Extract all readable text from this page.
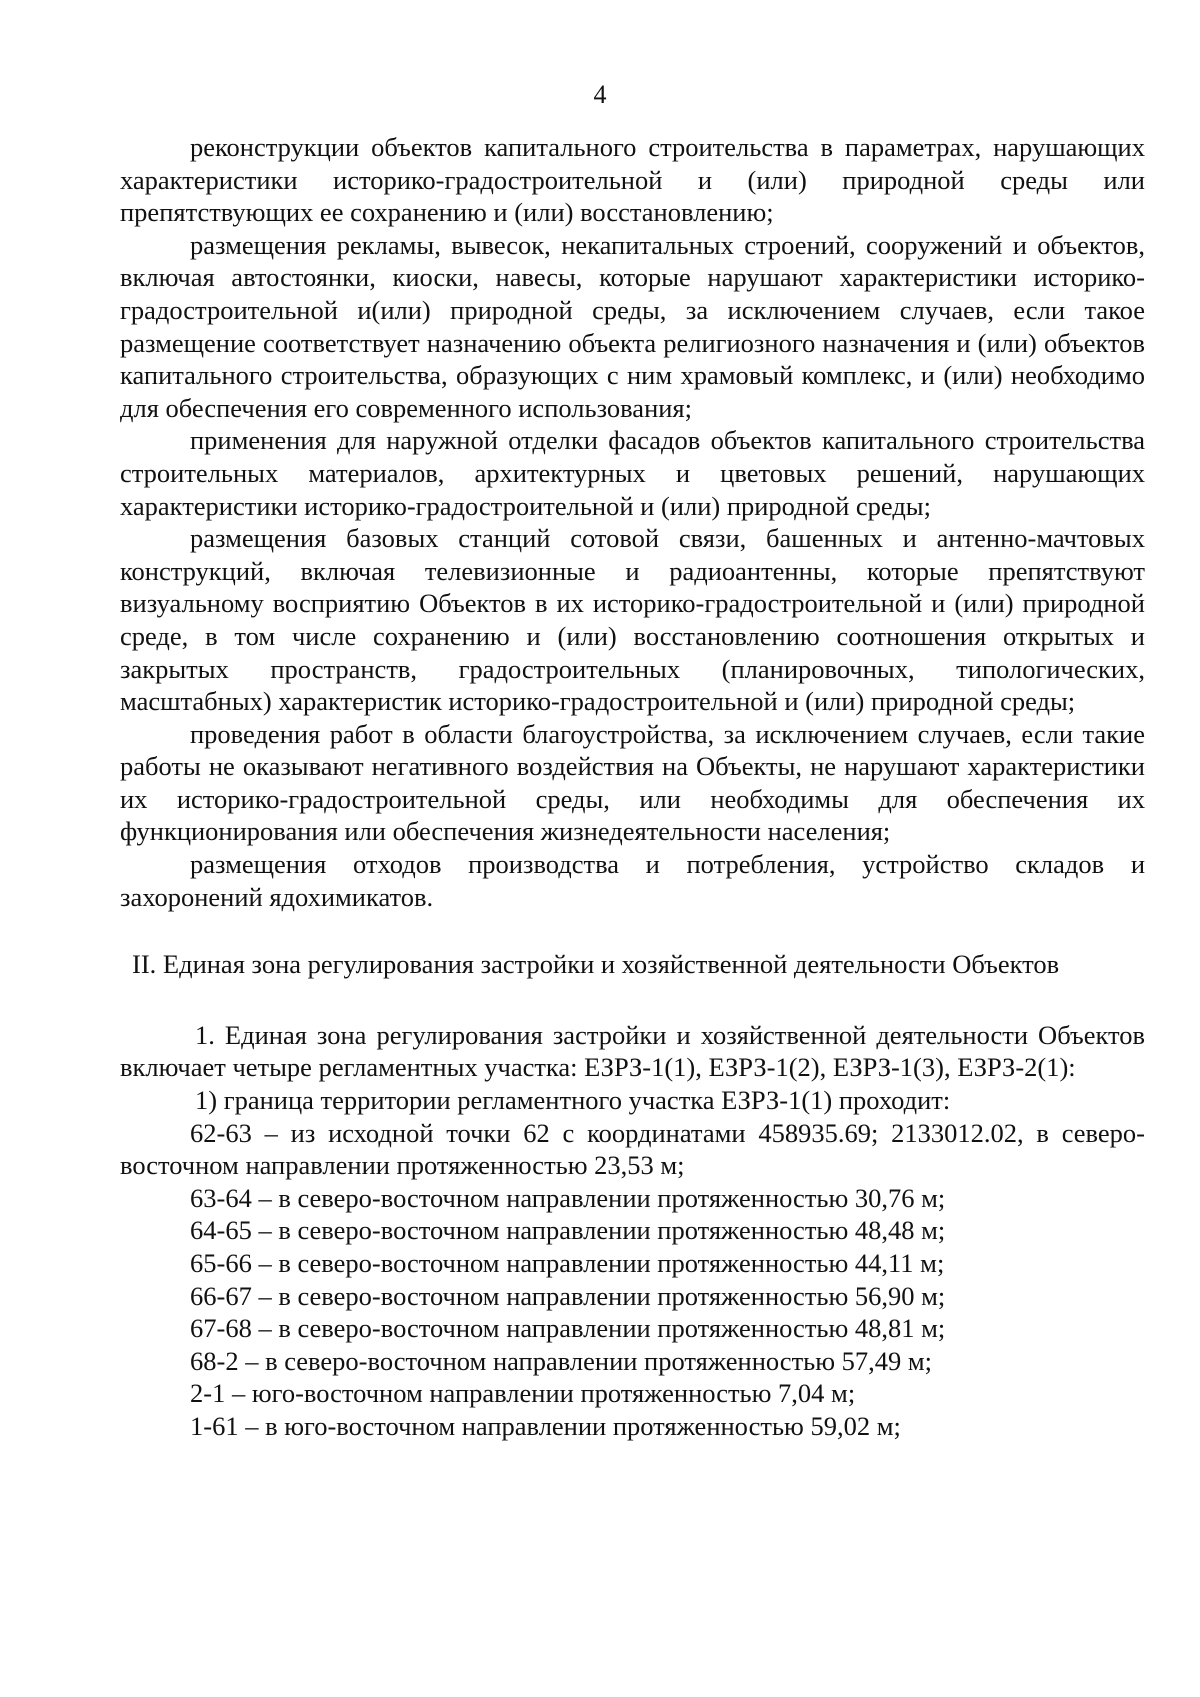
4

реконструкции объектов капитального строительства в параметрах, нарушающих характеристики историко-градостроительной и (или) природной среды или препятствующих ее сохранению и (или) восстановлению;

размещения рекламы, вывесок, некапитальных строений, сооружений и объектов, включая автостоянки, киоски, навесы, которые нарушают характеристики историко- градостроительной и(или) природной среды, за исключением случаев, если такое размещение соответствует назначению объекта религиозного назначения и (или) объектов капитального строительства, образующих с ним храмовый комплекс, и (или) необходимо для обеспечения его современного использования;

применения для наружной отделки фасадов объектов капитального строительства строительных материалов, архитектурных и цветовых решений, нарушающих характеристики историко-градостроительной и (или) природной среды;

размещения базовых станций сотовой связи, башенных и антенно-мачтовых конструкций, включая телевизионные и радиоантенны, которые препятствуют визуальному восприятию Объектов в их историко-градостроительной и (или) природной среде, в том числе сохранению и (или) восстановлению соотношения открытых и закрытых пространств, градостроительных (планировочных, типологических, масштабных) характеристик историко-градостроительной и (или) природной среды;

проведения работ в области благоустройства, за исключением случаев, если такие работы не оказывают негативного воздействия на Объекты, не нарушают характеристики их историко-градостроительной среды, или необходимы для обеспечения их функционирования или обеспечения жизнедеятельности населения;

размещения отходов производства и потребления, устройство складов и захоронений ядохимикатов.

II. Единая зона регулирования застройки и хозяйственной деятельности Объектов

1. Единая зона регулирования застройки и хозяйственной деятельности Объектов включает четыре регламентных участка: ЕЗРЗ-1(1), ЕЗРЗ-1(2), ЕЗРЗ-1(3), ЕЗРЗ-2(1):

1) граница территории регламентного участка ЕЗРЗ-1(1) проходит:

62-63 – из исходной точки 62 с координатами 458935.69; 2133012.02, в северо-восточном направлении протяженностью 23,53 м;

63-64 – в северо-восточном направлении протяженностью 30,76 м;

64-65 – в северо-восточном направлении протяженностью 48,48 м;

65-66 – в северо-восточном направлении протяженностью 44,11 м;

66-67 – в северо-восточном направлении протяженностью 56,90 м;

67-68 – в северо-восточном направлении протяженностью 48,81 м;

68-2 – в северо-восточном направлении протяженностью 57,49 м;

2-1 – юго-восточном направлении протяженностью 7,04 м;

1-61 – в юго-восточном направлении протяженностью 59,02 м;
